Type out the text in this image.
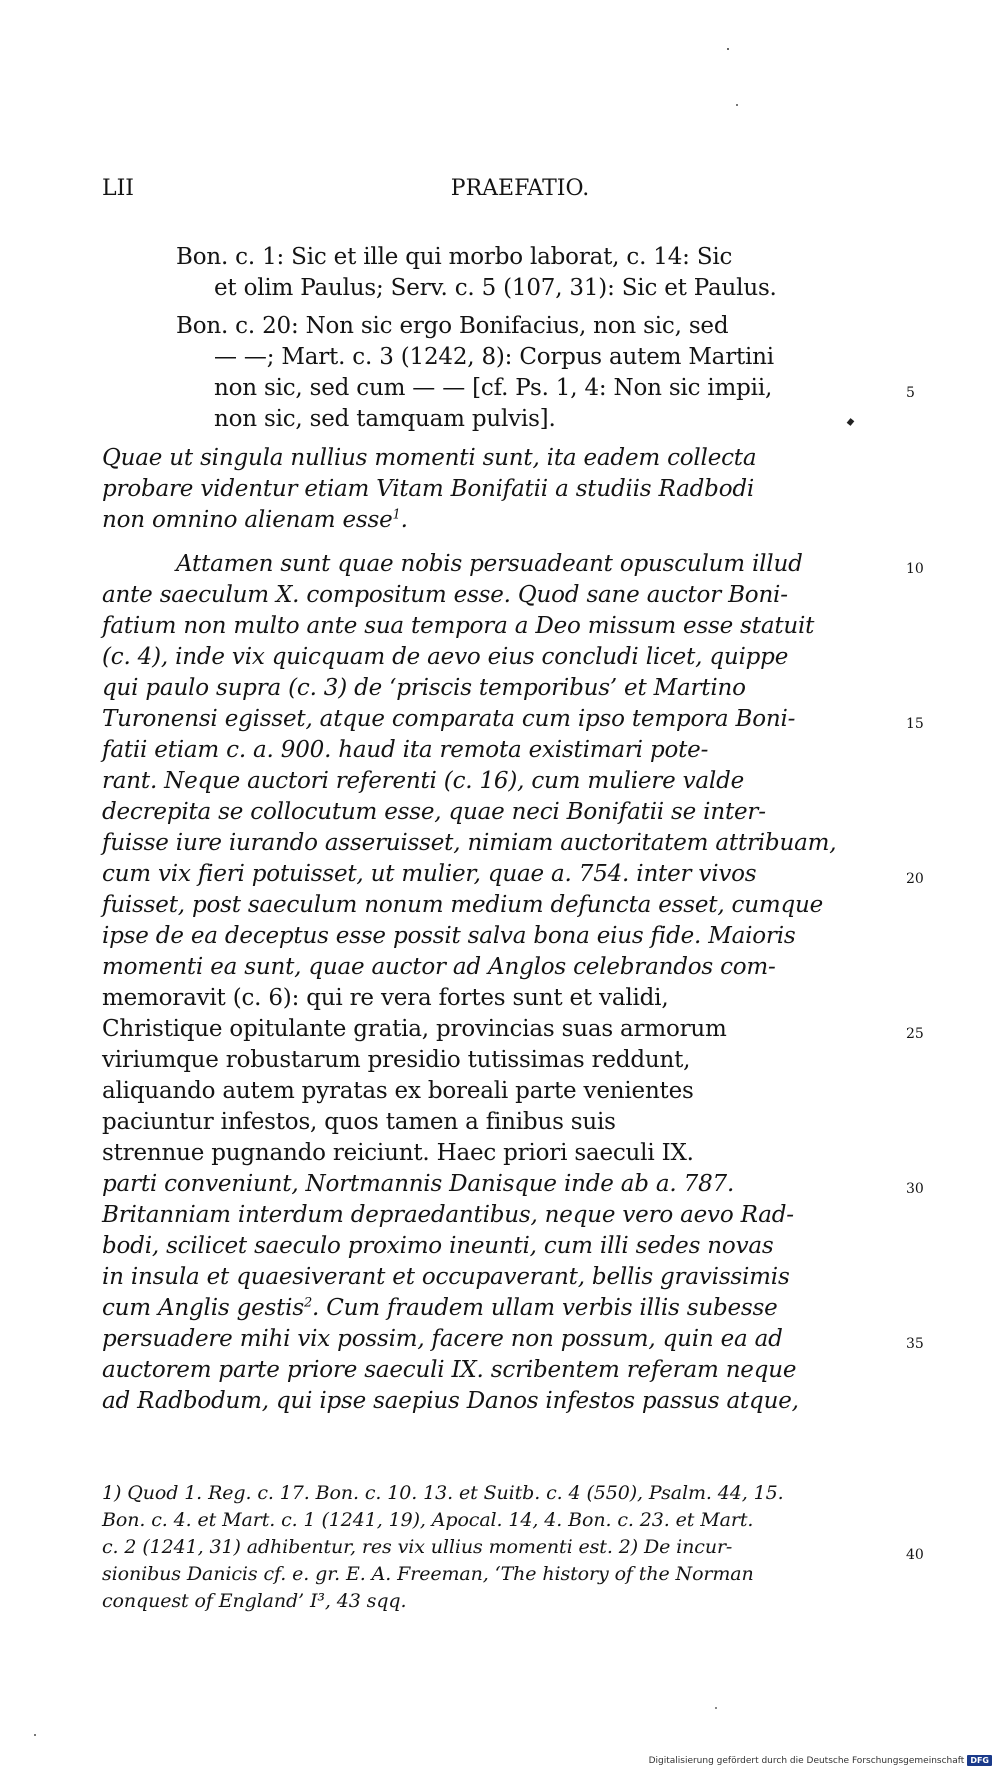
LII	PRAEFATIO.
Bon. c. 1: Sic et ille qui morbo laborat, c. 14: Sic
et olim Paulus; Serv. c. 5 (107, 31): Sic et Paulus.
Bon. c. 20: Non sic ergo Bonifacius, non sic, sed
— —; Mart. c. 3 (1242, 8): Corpus autem Martini
non sic, sed cum — — [cf. Ps. 1, 4: Non sic impii,
non sic, sed tamquam pulvis].
Quae ut singula nullius momenti sunt, ita eadem collecta
probare videntur etiam Vitam Bonifatii a studiis Radbodi
non omnino alienam esse$^1$.
Attamen sunt quae nobis persuadeant opusculum illud
ante saeculum X. compositum esse. Quod sane auctor Boni-
fatium non multo ante sua tempora a Deo missum esse statuit
(c. 4), inde vix quicquam de aevo eius concludi licet, quippe
qui paulo supra (c. 3) de ‘priscis temporibus’ et Martino
Turonensi egisset, atque comparata cum ipso tempora Boni-
fatii etiam c. a. 900. haud ita remota existimari pote-
rant. Neque auctori referenti (c. 16), cum muliere valde
decrepita se collocutum esse, quae neci Bonifatii se inter-
fuisse iure iurando asseruisset, nimiam auctoritatem attribuam,
cum vix fieri potuisset, ut mulier, quae a. 754. inter vivos
fuisset, post saeculum nonum medium defuncta esset, cumque
ipse de ea deceptus esse possit salva bona eius fide. Maioris
momenti ea sunt, quae auctor ad Anglos celebrandos com-
memoravit (c. 6): qui re vera fortes sunt et validi,
Christique opitulante gratia, provincias suas armorum
viriumque robustarum presidio tutissimas reddunt,
aliquando autem pyratas ex boreali parte venientes
paciuntur infestos, quos tamen a finibus suis
strennue pugnando reiciunt. Haec priori saeculi IX.
parti conveniunt, Nortmannis Danisque inde ab a. 787.
Britanniam interdum depraedantibus, neque vero aevo Rad-
bodi, scilicet saeculo proximo ineunti, cum illi sedes novas
in insula et quaesiverant et occupaverant, bellis gravissimis
cum Anglis gestis$^2$. Cum fraudem ullam verbis illis subesse
persuadere mihi vix possim, facere non possum, quin ea ad
auctorem parte priore saeculi IX. scribentem referam neque
ad Radbodum, qui ipse saepius Danos infestos passus atque,
5
10
15
20
25
30
35
40
1) Quod 1. Reg. c. 17. Bon. c. 10. 13. et Suitb. c. 4 (550), Psalm. 44, 15.
Bon. c. 4. et Mart. c. 1 (1241, 19), Apocal. 14, 4. Bon. c. 23. et Mart.
c. 2 (1241, 31) adhibentur, res vix ullius momenti est. 2) De incur-
sionibus Danicis cf. e. gr. E. A. Freeman, ‘The history of the Norman
conquest of England’ I³, 43 sqq.
Digitalisierung gefördert durch die Deutsche Forschungsgemeinschaft DFG
